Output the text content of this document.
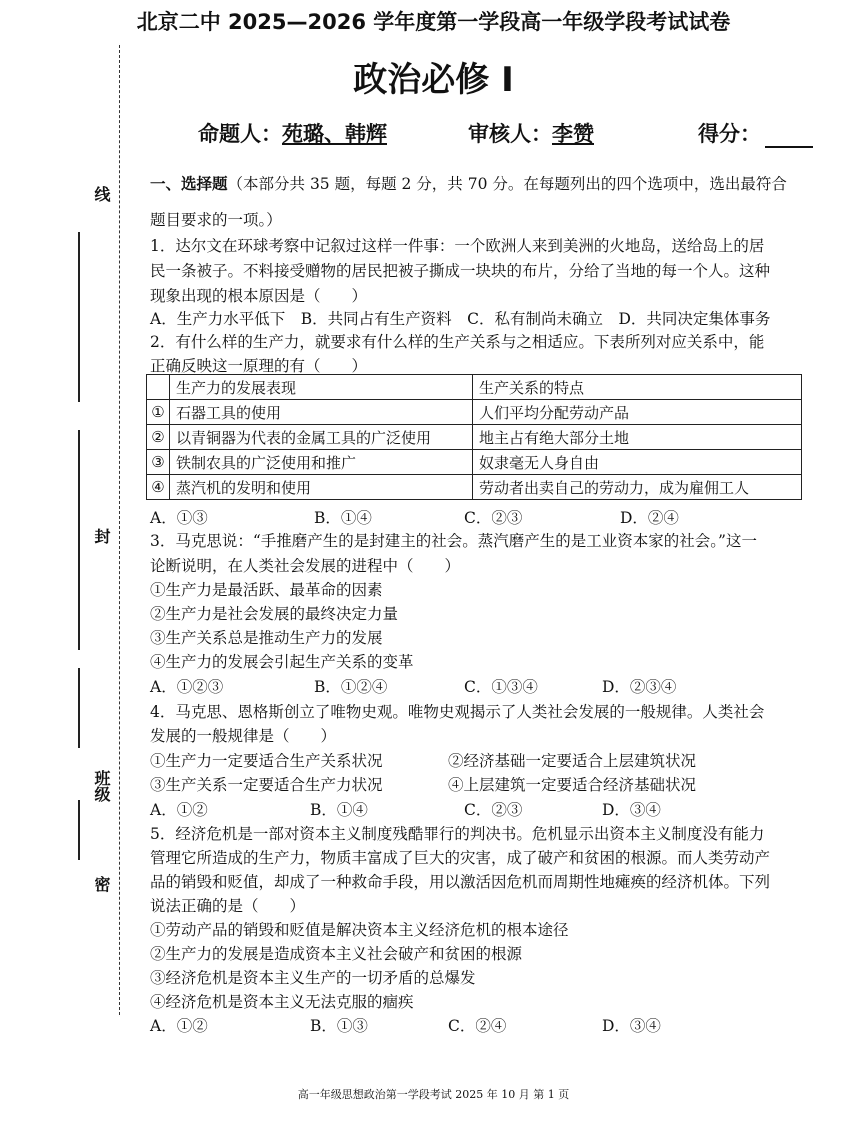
北京二中 2025—2026 学年度第一学段高一年级学段考试试卷
政治必修 I
命题人：苑璐、韩辉	审核人：李赞	得分：
线
封
班级
密
一、选择题（本部分共 35 题，每题 2 分，共 70 分。在每题列出的四个选项中，选出最符合
题目要求的一项。）
1．达尔文在环球考察中记叙过这样一件事：一个欧洲人来到美洲的火地岛，送给岛上的居
民一条被子。不料接受赠物的居民把被子撕成一块块的布片，分给了当地的每一个人。这种
现象出现的根本原因是（　　）
A．生产力水平低下　B．共同占有生产资料　C．私有制尚未确立　D．共同决定集体事务
2．有什么样的生产力，就要求有什么样的生产关系与之相适应。下表所列对应关系中，能
正确反映这一原理的有（　　）
	生产力的发展表现	生产关系的特点
①	石器工具的使用	人们平均分配劳动产品
②	以青铜器为代表的金属工具的广泛使用	地主占有绝大部分土地
③	铁制农具的广泛使用和推广	奴隶毫无人身自由
④	蒸汽机的发明和使用	劳动者出卖自己的劳动力，成为雇佣工人
A．①③	B．①④	C．②③	D．②④
3．马克思说：“手推磨产生的是封建主的社会。蒸汽磨产生的是工业资本家的社会。”这一
论断说明，在人类社会发展的进程中（　　）
①生产力是最活跃、最革命的因素
②生产力是社会发展的最终决定力量
③生产关系总是推动生产力的发展
④生产力的发展会引起生产关系的变革
A．①②③	B．①②④	C．①③④	D．②③④
4．马克思、恩格斯创立了唯物史观。唯物史观揭示了人类社会发展的一般规律。人类社会
发展的一般规律是（　　）
①生产力一定要适合生产关系状况	②经济基础一定要适合上层建筑状况
③生产关系一定要适合生产力状况	④上层建筑一定要适合经济基础状况
A．①②	B．①④	C．②③	D．③④
5．经济危机是一部对资本主义制度残酷罪行的判决书。危机显示出资本主义制度没有能力
管理它所造成的生产力，物质丰富成了巨大的灾害，成了破产和贫困的根源。而人类劳动产
品的销毁和贬值，却成了一种救命手段，用以激活因危机而周期性地瘫痪的经济机体。下列
说法正确的是（　　）
①劳动产品的销毁和贬值是解决资本主义经济危机的根本途径
②生产力的发展是造成资本主义社会破产和贫困的根源
③经济危机是资本主义生产的一切矛盾的总爆发
④经济危机是资本主义无法克服的痼疾
A．①②	B．①③	C．②④	D．③④
高一年级思想政治第一学段考试 2025 年 10 月 第 1 页
